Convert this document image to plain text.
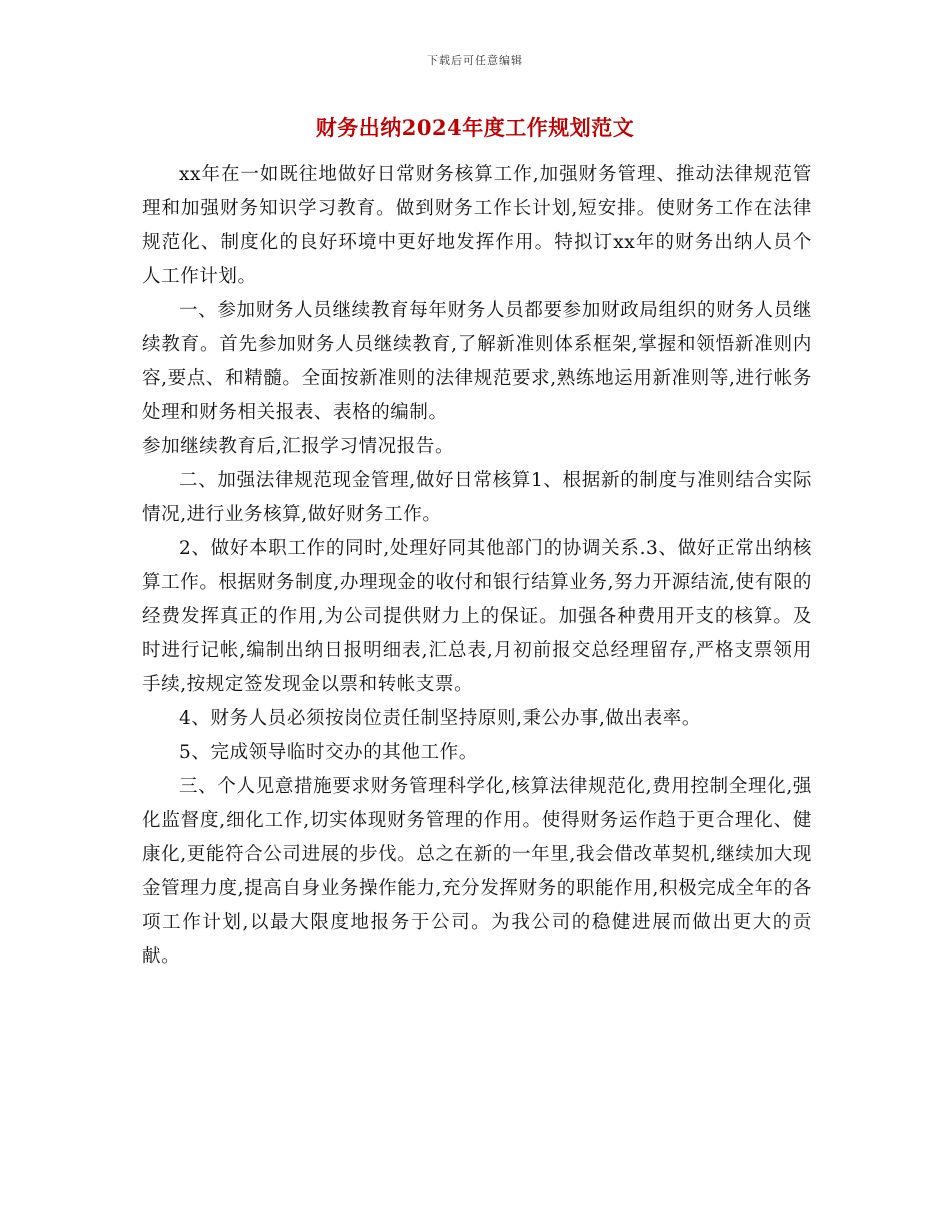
下载后可任意编辑
财务出纳2024年度工作规划范文

xx年在一如既往地做好日常财务核算工作,加强财务管理、推动法律规范管理和加强财务知识学习教育。做到财务工作长计划,短安排。使财务工作在法律规范化、制度化的良好环境中更好地发挥作用。特拟订xx年的财务出纳人员个人工作计划。

一、参加财务人员继续教育每年财务人员都要参加财政局组织的财务人员继续教育。首先参加财务人员继续教育,了解新准则体系框架,掌握和领悟新准则内容,要点、和精髓。全面按新准则的法律规范要求,熟练地运用新准则等,进行帐务处理和财务相关报表、表格的编制。

参加继续教育后,汇报学习情况报告。

二、加强法律规范现金管理,做好日常核算1、根据新的制度与准则结合实际情况,进行业务核算,做好财务工作。

2、做好本职工作的同时,处理好同其他部门的协调关系.3、做好正常出纳核算工作。根据财务制度,办理现金的收付和银行结算业务,努力开源结流,使有限的经费发挥真正的作用,为公司提供财力上的保证。加强各种费用开支的核算。及时进行记帐,编制出纳日报明细表,汇总表,月初前报交总经理留存,严格支票领用手续,按规定签发现金以票和转帐支票。

4、财务人员必须按岗位责任制坚持原则,秉公办事,做出表率。

5、完成领导临时交办的其他工作。

三、个人见意措施要求财务管理科学化,核算法律规范化,费用控制全理化,强化监督度,细化工作,切实体现财务管理的作用。使得财务运作趋于更合理化、健康化,更能符合公司进展的步伐。总之在新的一年里,我会借改革契机,继续加大现金管理力度,提高自身业务操作能力,充分发挥财务的职能作用,积极完成全年的各项工作计划,以最大限度地报务于公司。为我公司的稳健进展而做出更大的贡献。
